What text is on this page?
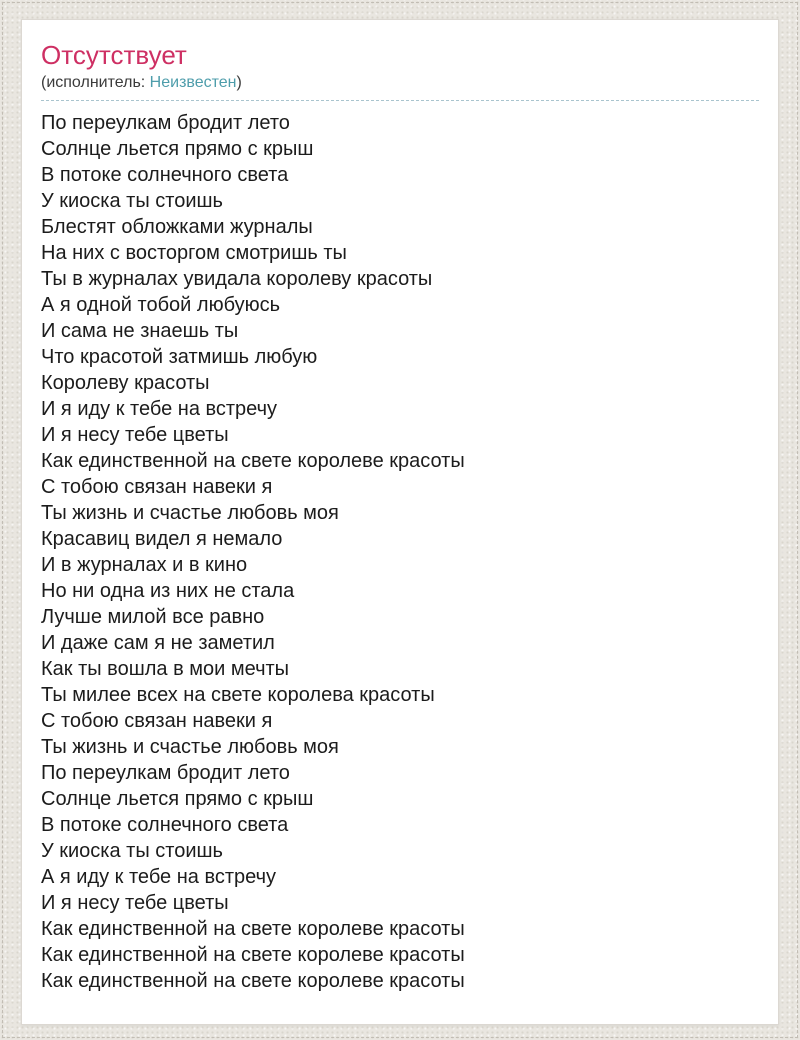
Отсутствует

(исполнитель: Неизвестен)

По переулкам бродит лето
Солнце льется прямо с крыш
В потоке солнечного света
У киоска ты стоишь
Блестят обложками журналы
На них с восторгом смотришь ты
Ты в журналах увидала королеву красоты
А я одной тобой любуюсь
И сама не знаешь ты
Что красотой затмишь любую
Королеву красоты
И я иду к тебе на встречу
И я несу тебе цветы
Как единственной на свете королеве красоты
С тобою связан навеки я
Ты жизнь и счастье любовь моя
Красавиц видел я немало
И в журналах и в кино
Но ни одна из них не стала
Лучше милой все равно
И даже сам я не заметил
Как ты вошла в мои мечты
Ты милее всех на свете королева красоты
С тобою связан навеки я
Ты жизнь и счастье любовь моя
По переулкам бродит лето
Солнце льется прямо с крыш
В потоке солнечного света
У киоска ты стоишь
А я иду к тебе на встречу
И я несу тебе цветы
Как единственной на свете королеве красоты
Как единственной на свете королеве красоты
Как единственной на свете королеве красоты
